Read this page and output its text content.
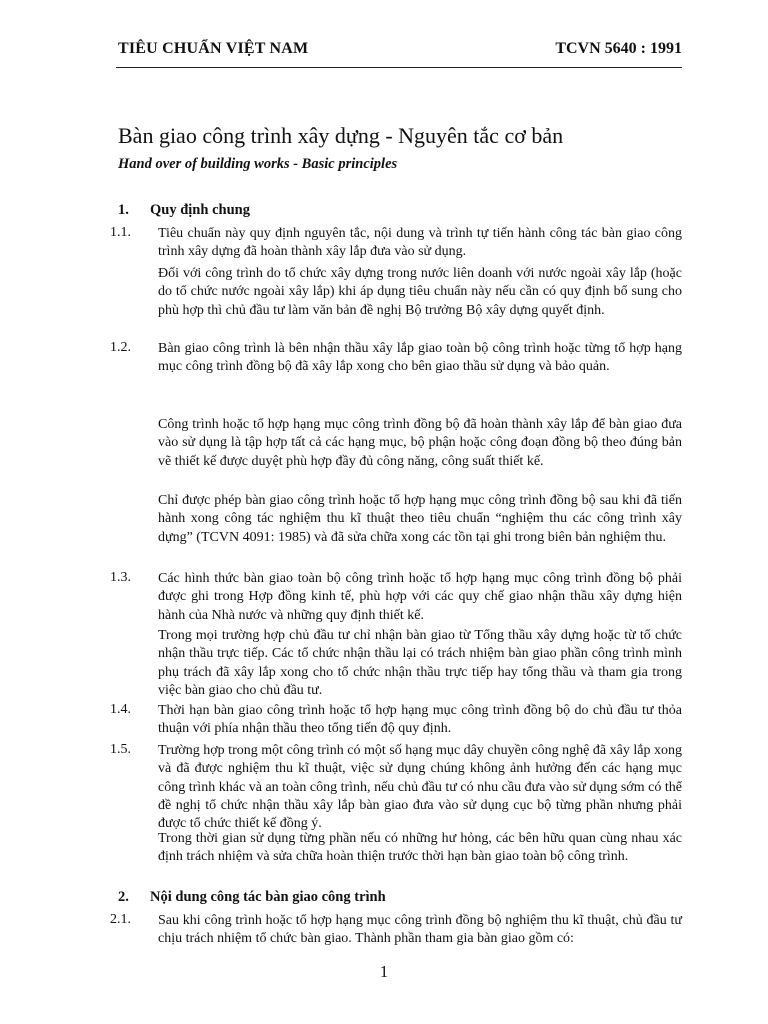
TIÊU CHUẨN VIỆT NAM	TCVN 5640 : 1991
Bàn giao công trình xây dựng - Nguyên tắc cơ bản
Hand over of building works - Basic principles
1. Quy định chung
1.1. Tiêu chuẩn này quy định nguyên tắc, nội dung và trình tự tiến hành công tác bàn giao công trình xây dựng đã hoàn thành xây lắp đưa vào sử dụng.
Đối với công trình do tổ chức xây dựng trong nước liên doanh với nước ngoài xây lắp (hoặc do tổ chức nước ngoài xây lắp) khi áp dụng tiêu chuẩn này nếu cần có quy định bổ sung cho phù hợp thì chủ đầu tư làm văn bản đề nghị Bộ trưởng Bộ xây dựng quyết định.
1.2. Bàn giao công trình là bên nhận thầu xây lắp giao toàn bộ công trình hoặc từng tổ hợp hạng mục công trình đồng bộ đã xây lắp xong cho bên giao thầu sử dụng và bảo quản.
Công trình hoặc tổ hợp hạng mục công trình đồng bộ đã hoàn thành xây lắp để bàn giao đưa vào sử dụng là tập hợp tất cả các hạng mục, bộ phận hoặc công đoạn đồng bộ theo đúng bản vẽ thiết kế được duyệt phù hợp đầy đủ công năng, công suất thiết kế.
Chỉ được phép bàn giao công trình hoặc tổ hợp hạng mục công trình đồng bộ sau khi đã tiến hành xong công tác nghiệm thu kĩ thuật theo tiêu chuẩn “nghiệm thu các công trình xây dựng” (TCVN 4091: 1985) và đã sửa chữa xong các tồn tại ghi trong biên bản nghiệm thu.
1.3. Các hình thức bàn giao toàn bộ công trình hoặc tổ hợp hạng mục công trình đồng bộ phải được ghi trong Hợp đồng kinh tế, phù hợp với các quy chế giao nhận thầu xây dựng hiện hành của Nhà nước và những quy định thiết kế.
Trong mọi trường hợp chủ đầu tư chỉ nhận bàn giao từ Tổng thầu xây dựng hoặc từ tổ chức nhận thầu trực tiếp. Các tổ chức nhận thầu lại có trách nhiệm bàn giao phần công trình mình phụ trách đã xây lắp xong cho tổ chức nhận thầu trực tiếp hay tổng thầu và tham gia trong việc bàn giao cho chủ đầu tư.
1.4. Thời hạn bàn giao công trình hoặc tổ hợp hạng mục công trình đồng bộ do chủ đầu tư thỏa thuận với phía nhận thầu theo tổng tiến độ quy định.
1.5. Trường hợp trong một công trình có một số hạng mục dây chuyền công nghệ đã xây lắp xong và đã được nghiệm thu kĩ thuật, việc sử dụng chúng không ảnh hưởng đến các hạng mục công trình khác và an toàn công trình, nếu chủ đầu tư có nhu cầu đưa vào sử dụng sớm có thể đề nghị tổ chức nhận thầu xây lắp bàn giao đưa vào sử dụng cục bộ từng phần nhưng phải được tổ chức thiết kế đồng ý.
Trong thời gian sử dụng từng phần nếu có những hư hỏng, các bên hữu quan cùng nhau xác định trách nhiệm và sửa chữa hoàn thiện trước thời hạn bàn giao toàn bộ công trình.
2. Nội dung công tác bàn giao công trình
2.1. Sau khi công trình hoặc tổ hợp hạng mục công trình đồng bộ nghiệm thu kĩ thuật, chủ đầu tư chịu trách nhiệm tổ chức bàn giao. Thành phần tham gia bàn giao gồm có:
1
